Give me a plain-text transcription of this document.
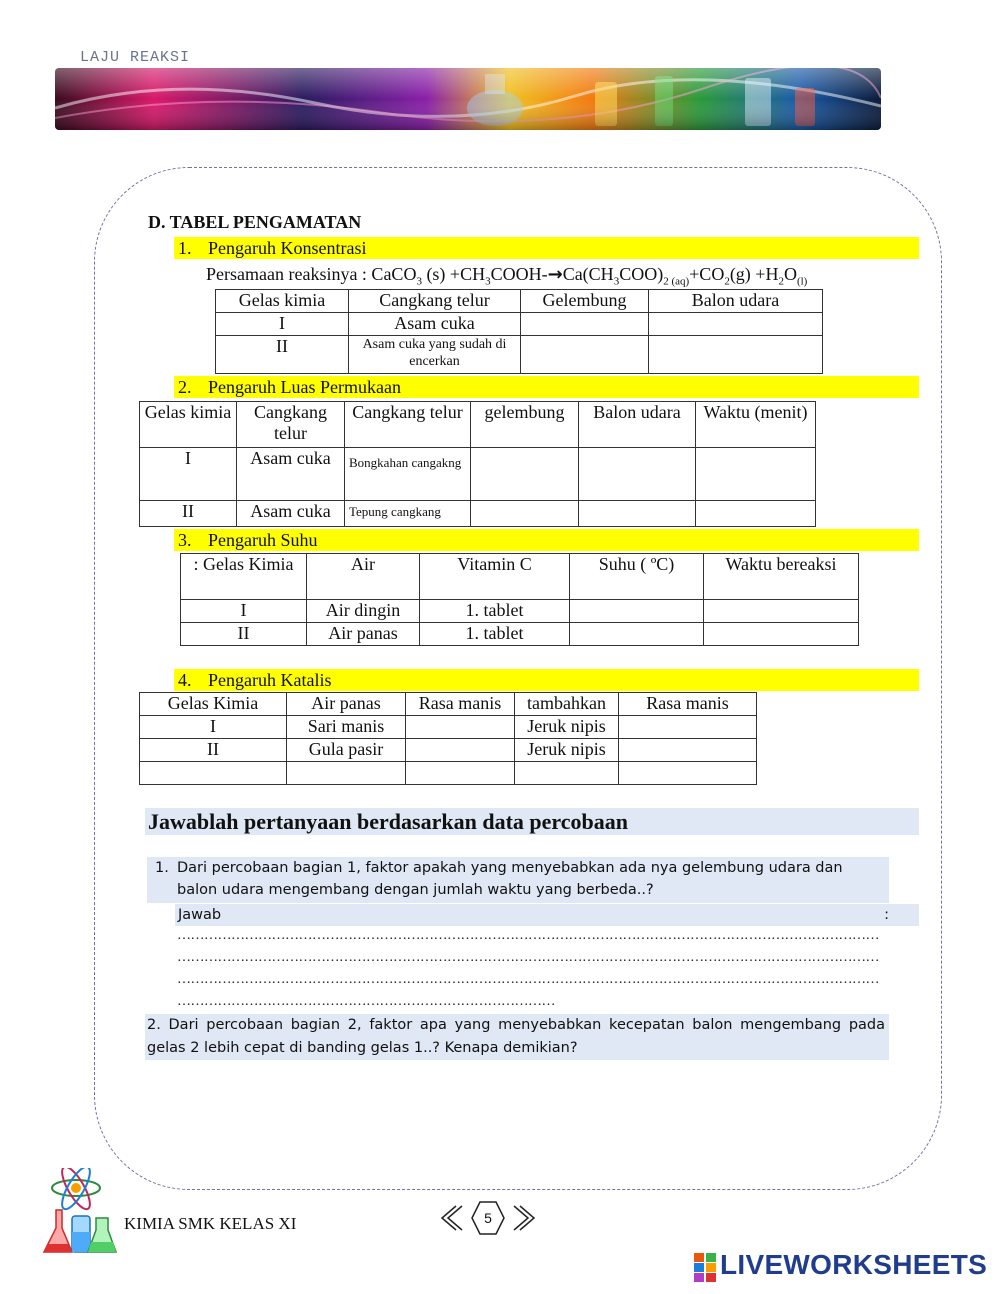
LAJU REAKSI
D. TABEL PENGAMATAN
1. Pengaruh Konsentrasi
Persamaan reaksinya : CaCO$_3$ $(s) +CH_3COOH-\to Ca(CH_3COO)_{2 (aq)}+CO_2(g) +H_2O_{(l)}$
Gelas kimia	Cangkang telur	Gelembung	Balon udara
I	Asam cuka		
II	Asam cuka yang sudah di encerkan		
2. Pengaruh Luas Permukaan
Gelas kimia	Cangkang telur	Cangkang telur	gelembung	Balon udara	Waktu (menit)
I	Asam cuka	Bongkahan cangakng			
II	Asam cuka	Tepung cangkang			
3. Pengaruh Suhu
: Gelas Kimia	Air	Vitamin C	Suhu ( ºC)	Waktu bereaksi
I	Air dingin	1. tablet		
II	Air panas	1. tablet		
4. Pengaruh Katalis
Gelas Kimia	Air panas	Rasa manis	tambahkan	Rasa manis
I	Sari manis		Jeruk nipis	
II	Gula pasir		Jeruk nipis	

Jawablah pertanyaan berdasarkan data percobaan
1. Dari percobaan bagian 1, faktor apakah yang menyebabkan ada nya gelembung udara dan
balon udara mengembang dengan jumlah waktu yang berbeda..?
Jawab	:
…………………………………………………………………………………………………………………………………………
…………………………………………………………………………………………………………………………………………
…………………………………………………………………………………………………………………………………………
…………………………………………………………………………
2. Dari percobaan bagian 2, faktor apa yang menyebabkan kecepatan balon mengembang pada gelas 2 lebih cepat di banding gelas 1..? Kenapa demikian?
KIMIA SMK KELAS XI	5
LIVEWORKSHEETS
